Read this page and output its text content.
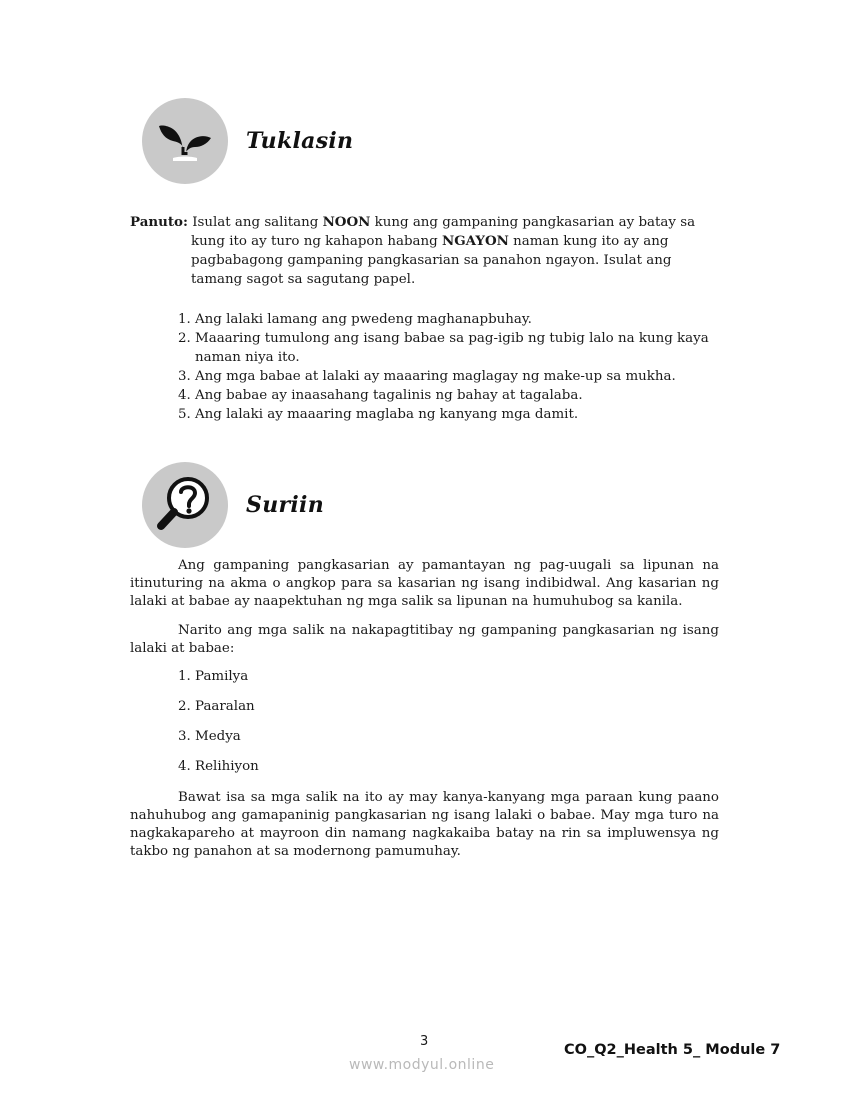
Tuklasin
Panuto: Isulat ang salitang NOON kung ang gampaning pangkasarian ay batay sa
kung ito ay turo ng kahapon habang NGAYON naman kung ito ay ang
pagbabagong gampaning pangkasarian sa panahon ngayon. Isulat ang
tamang sagot sa sagutang papel.
1. Ang lalaki lamang ang pwedeng maghanapbuhay.
2. Maaaring tumulong ang isang babae sa pag-igib ng tubig lalo na kung kaya
naman niya ito.
3. Ang mga babae at lalaki ay maaaring maglagay ng make-up sa mukha.
4. Ang babae ay inaasahang tagalinis ng bahay at tagalaba.
5. Ang lalaki ay maaaring maglaba ng kanyang mga damit.
Suriin

Ang gampaning pangkasarian ay pamantayan ng pag-uugali sa lipunan na itinuturing na akma o angkop para sa kasarian ng isang indibidwal. Ang kasarian ng lalaki at babae ay naapektuhan ng mga salik sa lipunan na humuhubog sa kanila.

Narito ang mga salik na nakapagtitibay ng gampaning pangkasarian ng isang lalaki at babae:

1. Pamilya
2. Paaralan
3. Medya
4. Relihiyon

Bawat isa sa mga salik na ito ay may kanya-kanyang mga paraan kung paano nahuhubog ang gamapaninig pangkasarian ng isang lalaki o babae. May mga turo na nagkakapareho at mayroon din namang nagkakaiba batay na rin sa impluwensya ng takbo ng panahon at sa modernong pamumuhay.

3
CO_Q2_Health 5_ Module 7
www.modyul.online
